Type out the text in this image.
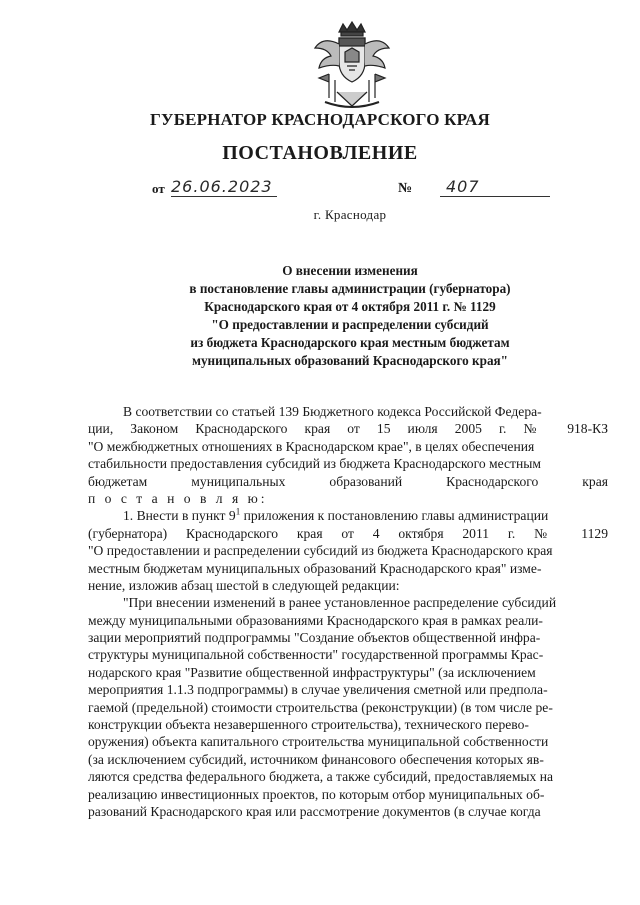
ГУБЕРНАТОР КРАСНОДАРСКОГО КРАЯ
ПОСТАНОВЛЕНИЕ
от 26.06.2023	№	407
г. Краснодар
О внесении изменения
в постановление главы администрации (губернатора)
Краснодарского края от 4 октября 2011 г. № 1129
"О предоставлении и распределении субсидий
из бюджета Краснодарского края местным бюджетам
муниципальных образований Краснодарского края"
В соответствии со статьей 139 Бюджетного кодекса Российской Федера-
ции, Законом Краснодарского края от 15 июля 2005 г. № 918-КЗ
"О межбюджетных отношениях в Краснодарском крае", в целях обеспечения
стабильности предоставления субсидий из бюджета Краснодарского местным
бюджетам муниципальных образований Краснодарского края
п о с т а н о в л я ю:
1. Внести в пункт $9^1$ приложения к постановлению главы администрации
(губернатора) Краснодарского края от 4 октября 2011 г. № 1129
"О предоставлении и распределении субсидий из бюджета Краснодарского края
местным бюджетам муниципальных образований Краснодарского края" изме-
нение, изложив абзац шестой в следующей редакции:
"При внесении изменений в ранее установленное распределение субсидий
между муниципальными образованиями Краснодарского края в рамках реали-
зации мероприятий подпрограммы "Создание объектов общественной инфра-
структуры муниципальной собственности" государственной программы Крас-
нодарского края "Развитие общественной инфраструктуры" (за исключением
мероприятия 1.1.3 подпрограммы) в случае увеличения сметной или предпола-
гаемой (предельной) стоимости строительства (реконструкции) (в том числе ре-
конструкции объекта незавершенного строительства), технического перево-
оружения) объекта капитального строительства муниципальной собственности
(за исключением субсидий, источником финансового обеспечения которых яв-
ляются средства федерального бюджета, а также субсидий, предоставляемых на
реализацию инвестиционных проектов, по которым отбор муниципальных об-
разований Краснодарского края или рассмотрение документов (в случае когда
